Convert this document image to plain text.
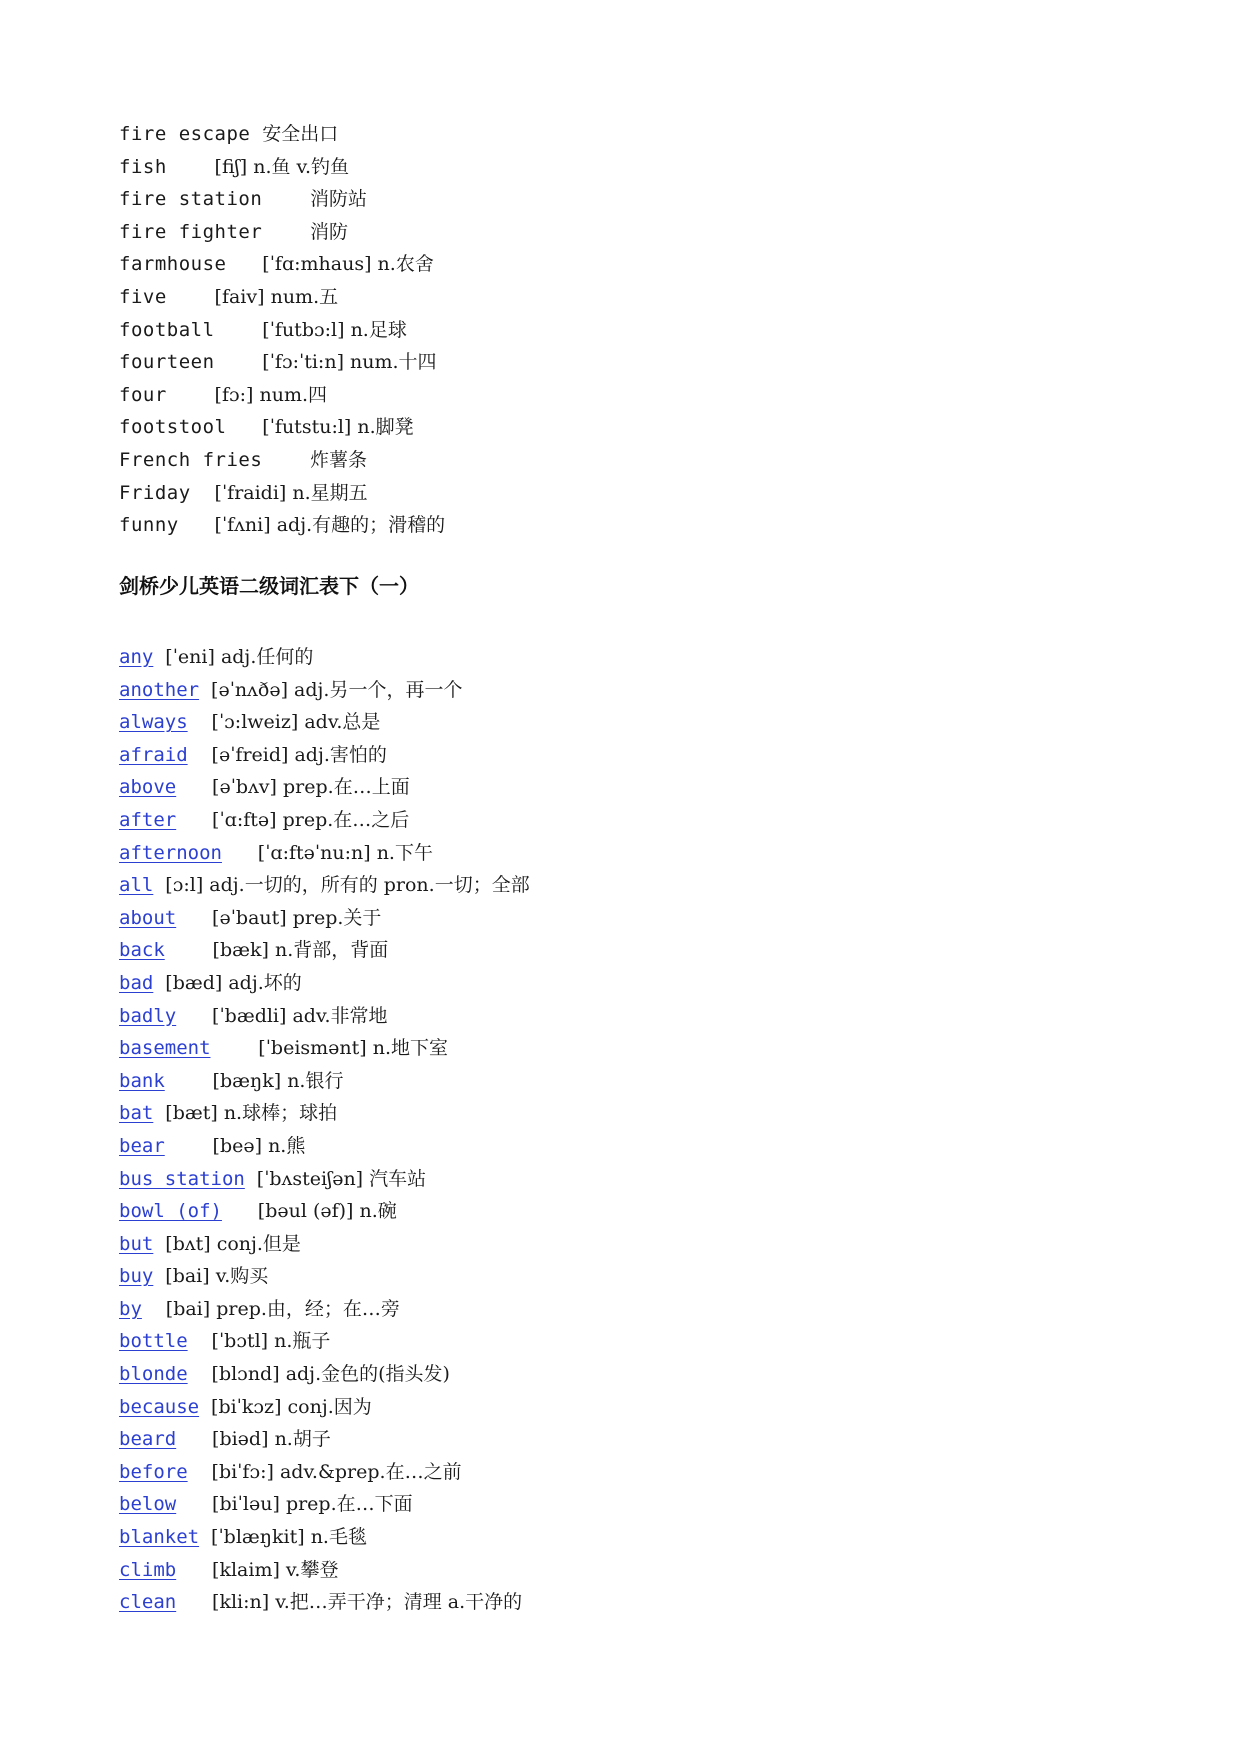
fire escape 安全出口
fish	[fiʃ] n.鱼 v.钓鱼
fire station	消防站
fire fighter	消防
farmhouse [ˈfɑ:mhaus] n.农舍
five	[faiv] num.五
football	[ˈfutbɔ:l] n.足球
fourteen	[ˈfɔ:ˈti:n] num.十四
four	[fɔ:] num.四
footstool [ˈfutstu:l] n.脚凳
French fries	炸薯条
Friday [ˈfraidi] n.星期五
funny [ˈfʌni] adj.有趣的；滑稽的
剑桥少儿英语二级词汇表下（一）
any [ˈeni] adj.任何的
another [əˈnʌðə] adj.另一个，再一个
always [ˈɔ:lweiz] adv.总是
afraid [əˈfreid] adj.害怕的
above [əˈbʌv] prep.在…上面
after [ˈɑ:ftə] prep.在…之后
afternoon [ˈɑ:ftəˈnu:n] n.下午
all [ɔ:l] adj.一切的，所有的 pron.一切；全部
about [əˈbaut] prep.关于
back	[bæk] n.背部，背面
bad [bæd] adj.坏的
badly [ˈbædli] adv.非常地
basement	[ˈbeismənt] n.地下室
bank	[bæŋk] n.银行
bat [bæt] n.球棒；球拍
bear	[beə] n.熊
bus station [ˈbʌsteiʃən] 汽车站
bowl (of) [bəul (əf)] n.碗
but [bʌt] conj.但是
buy [bai] v.购买
by [bai] prep.由，经；在…旁
bottle [ˈbɔtl] n.瓶子
blonde [blɔnd] adj.金色的(指头发)
because [biˈkɔz] conj.因为
beard [biəd] n.胡子
before [biˈfɔ:] adv.&prep.在…之前
below [biˈləu] prep.在…下面
blanket [ˈblæŋkit] n.毛毯
climb [klaim] v.攀登
clean [kli:n] v.把…弄干净；清理 a.干净的
